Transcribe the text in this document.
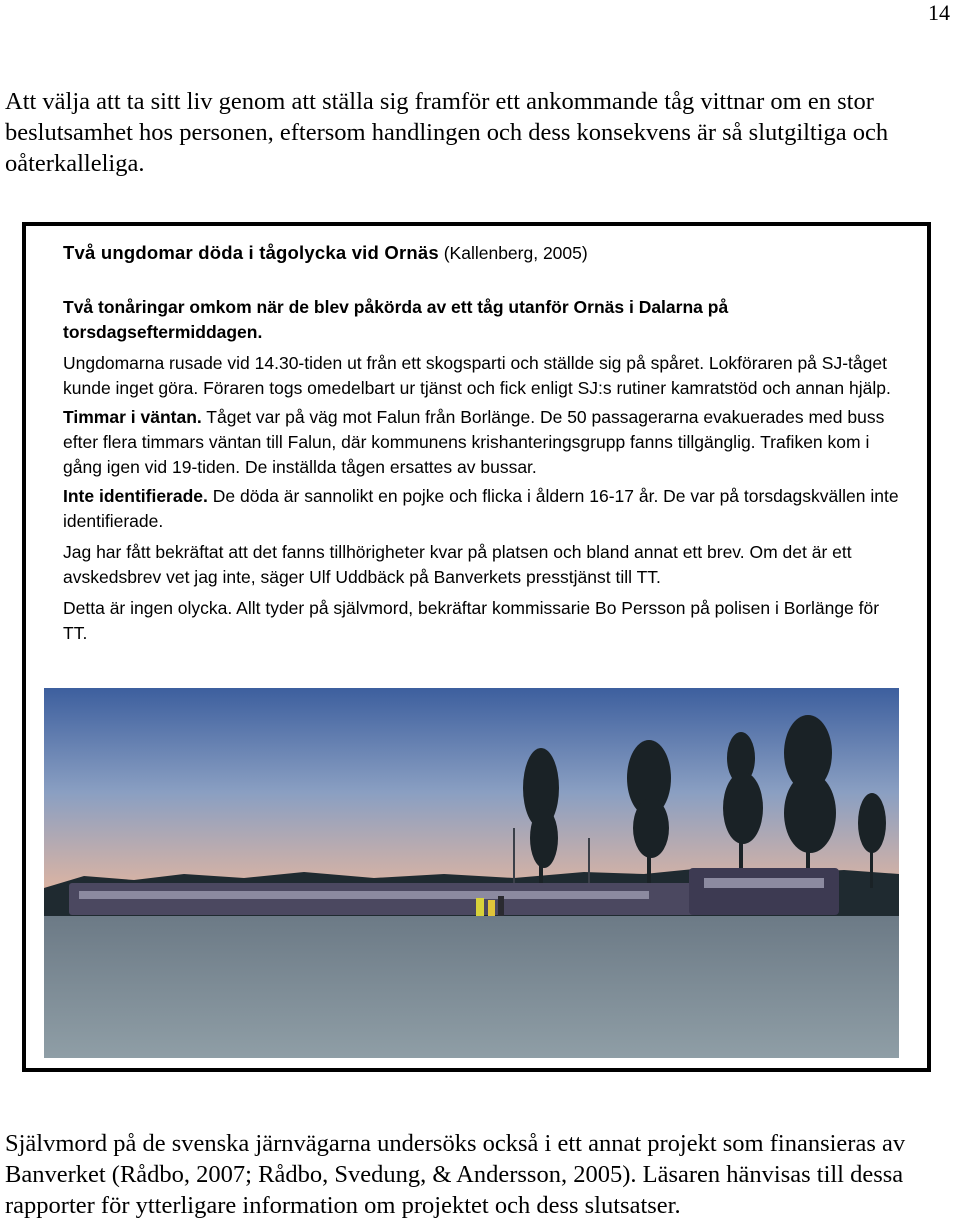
14

Att välja att ta sitt liv genom att ställa sig framför ett ankommande tåg vittnar om en stor beslutsamhet hos personen, eftersom handlingen och dess konsekvens är så slutgiltiga och oåterkalleliga.

Två ungdomar döda i tågolycka vid Ornäs (Kallenberg, 2005)

Två tonåringar omkom när de blev påkörda av ett tåg utanför Ornäs i Dalarna på torsdagseftermiddagen.

Ungdomarna rusade vid 14.30-tiden ut från ett skogsparti och ställde sig på spåret. Lokföraren på SJ-tåget kunde inget göra. Föraren togs omedelbart ur tjänst och fick enligt SJ:s rutiner kamratstöd och annan hjälp.

Timmar i väntan. Tåget var på väg mot Falun från Borlänge. De 50 passagerarna evakuerades med buss efter flera timmars väntan till Falun, där kommunens krishanteringsgrupp fanns tillgänglig. Trafiken kom i gång igen vid 19-tiden. De inställda tågen ersattes av bussar.

Inte identifierade. De döda är sannolikt en pojke och flicka i åldern 16-17 år. De var på torsdagskvällen inte identifierade.

Jag har fått bekräftat att det fanns tillhörigheter kvar på platsen och bland annat ett brev. Om det är ett avskedsbrev vet jag inte, säger Ulf Uddbäck på Banverkets presstjänst till TT.

Detta är ingen olycka. Allt tyder på självmord, bekräftar kommissarie Bo Persson på polisen i Borlänge för TT.

Självmord på de svenska järnvägarna undersöks också i ett annat projekt som finansieras av Banverket (Rådbo, 2007; Rådbo, Svedung, & Andersson, 2005). Läsaren hänvisas till dessa rapporter för ytterligare information om projektet och dess slutsatser.
